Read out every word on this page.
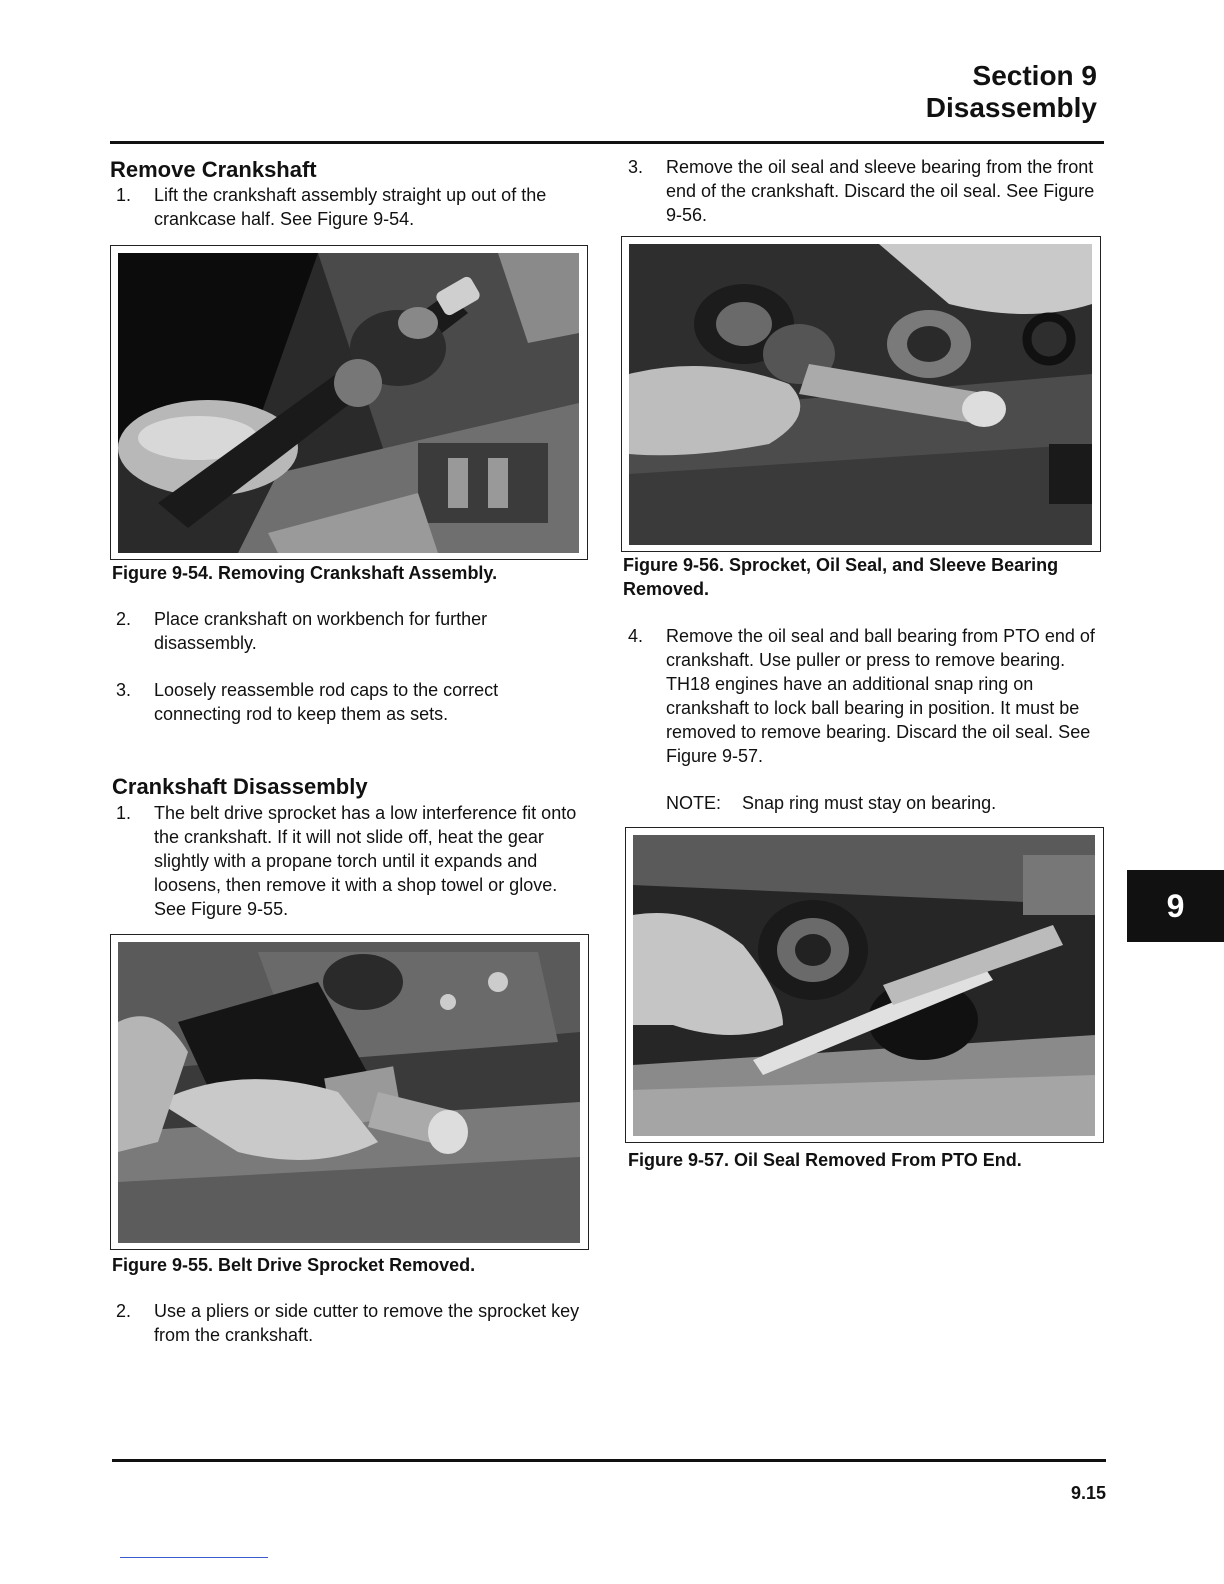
Section 9
Disassembly
9
Remove Crankshaft
1. Lift the crankshaft assembly straight up out of the crankcase half. See Figure 9-54.
Figure 9-54. Removing Crankshaft Assembly.
2. Place crankshaft on workbench for further disassembly.
3. Loosely reassemble rod caps to the correct connecting rod to keep them as sets.
Crankshaft Disassembly
1. The belt drive sprocket has a low interference fit onto the crankshaft. If it will not slide off, heat the gear slightly with a propane torch until it expands and loosens, then remove it with a shop towel or glove. See Figure 9-55.
Figure 9-55. Belt Drive Sprocket Removed.
2. Use a pliers or side cutter to remove the sprocket key from the crankshaft.
3. Remove the oil seal and sleeve bearing from the front end of the crankshaft. Discard the oil seal. See Figure 9-56.
Figure 9-56. Sprocket, Oil Seal, and Sleeve Bearing Removed.
4. Remove the oil seal and ball bearing from PTO end of crankshaft. Use puller or press to remove bearing. TH18 engines have an additional snap ring on crankshaft to lock ball bearing in position. It must be removed to remove bearing. Discard the oil seal. See Figure 9-57.
NOTE: Snap ring must stay on bearing.
Figure 9-57. Oil Seal Removed From PTO End.
9.15
